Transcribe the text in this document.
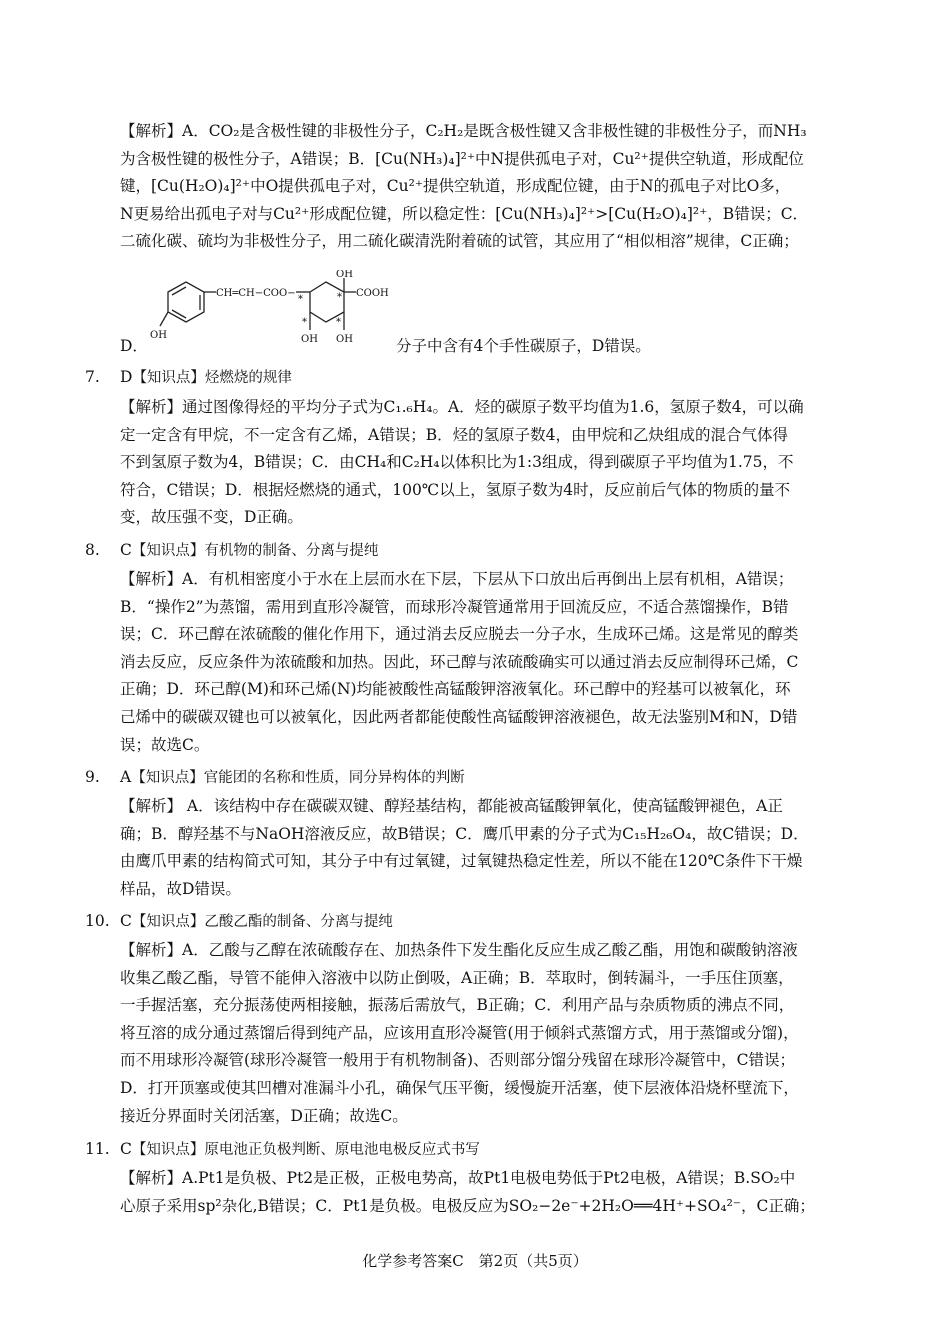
【解析】A．CO₂是含极性键的非极性分子，C₂H₂是既含极性键又含非极性键的非极性分子，而NH₃
为含极性键的极性分子，A错误；B．[Cu(NH₃)₄]²⁺中N提供孤电子对，Cu²⁺提供空轨道，形成配位
键，[Cu(H₂O)₄]²⁺中O提供孤电子对，Cu²⁺提供空轨道，形成配位键，由于N的孤电子对比O多，
N更易给出孤电子对与Cu²⁺形成配位键，所以稳定性：[Cu(NH₃)₄]²⁺>[Cu(H₂O)₄]²⁺，B错误；C．
二硫化碳、硫均为非极性分子，用二硫化碳清洗附着硫的试管，其应用了“相似相溶”规律，C正确；
D．
OH
COOH
OH	OH OH
CH═CH−COO−
*	*
*	*
分子中含有4个手性碳原子，D错误。
7. D【知识点】烃燃烧的规律
【解析】通过图像得烃的平均分子式为C₁.₆H₄。A．烃的碳原子数平均值为1.6，氢原子数4，可以确
定一定含有甲烷，不一定含有乙烯，A错误；B．烃的氢原子数4，由甲烷和乙炔组成的混合气体得
不到氢原子数为4，B错误；C．由CH₄和C₂H₄以体积比为1:3组成，得到碳原子平均值为1.75，不
符合，C错误；D．根据烃燃烧的通式，100℃以上，氢原子数为4时，反应前后气体的物质的量不
变，故压强不变，D正确。
8. C【知识点】有机物的制备、分离与提纯
【解析】A．有机相密度小于水在上层而水在下层，下层从下口放出后再倒出上层有机相，A错误；
B．“操作2”为蒸馏，需用到直形冷凝管，而球形冷凝管通常用于回流反应，不适合蒸馏操作，B错
误；C．环己醇在浓硫酸的催化作用下，通过消去反应脱去一分子水，生成环己烯。这是常见的醇类
消去反应，反应条件为浓硫酸和加热。因此，环己醇与浓硫酸确实可以通过消去反应制得环己烯，C
正确；D．环己醇(M)和环己烯(N)均能被酸性高锰酸钾溶液氧化。环己醇中的羟基可以被氧化，环
己烯中的碳碳双键也可以被氧化，因此两者都能使酸性高锰酸钾溶液褪色，故无法鉴别M和N，D错
误；故选C。
9. A【知识点】官能团的名称和性质，同分异构体的判断
【解析】 A．该结构中存在碳碳双键、醇羟基结构，都能被高锰酸钾氧化，使高锰酸钾褪色，A正
确；B．醇羟基不与NaOH溶液反应，故B错误；C．鹰爪甲素的分子式为C₁₅H₂₆O₄，故C错误；D．
由鹰爪甲素的结构简式可知，其分子中有过氧键，过氧键热稳定性差，所以不能在120℃条件下干燥
样品，故D错误。
10. C【知识点】乙酸乙酯的制备、分离与提纯
【解析】A．乙酸与乙醇在浓硫酸存在、加热条件下发生酯化反应生成乙酸乙酯，用饱和碳酸钠溶液
收集乙酸乙酯，导管不能伸入溶液中以防止倒吸，A正确；B．萃取时，倒转漏斗，一手压住顶塞，
一手握活塞，充分振荡使两相接触，振荡后需放气，B正确；C．利用产品与杂质物质的沸点不同，
将互溶的成分通过蒸馏后得到纯产品，应该用直形冷凝管(用于倾斜式蒸馏方式，用于蒸馏或分馏)，
而不用球形冷凝管(球形冷凝管一般用于有机物制备)、否则部分馏分残留在球形冷凝管中，C错误；
D．打开顶塞或使其凹槽对准漏斗小孔，确保气压平衡，缓慢旋开活塞，使下层液体沿烧杯壁流下，
接近分界面时关闭活塞，D正确；故选C。
11. C【知识点】原电池正负极判断、原电池电极反应式书写
【解析】A.Pt1是负极、Pt2是正极，正极电势高，故Pt1电极电势低于Pt2电极，A错误；B.SO₂中
心原子采用sp²杂化,B错误；C．Pt1是负极。电极反应为SO₂−2e⁻+2H₂O══4H⁺+SO₄²⁻，C正确；
化学参考答案C　第2页（共5页）
